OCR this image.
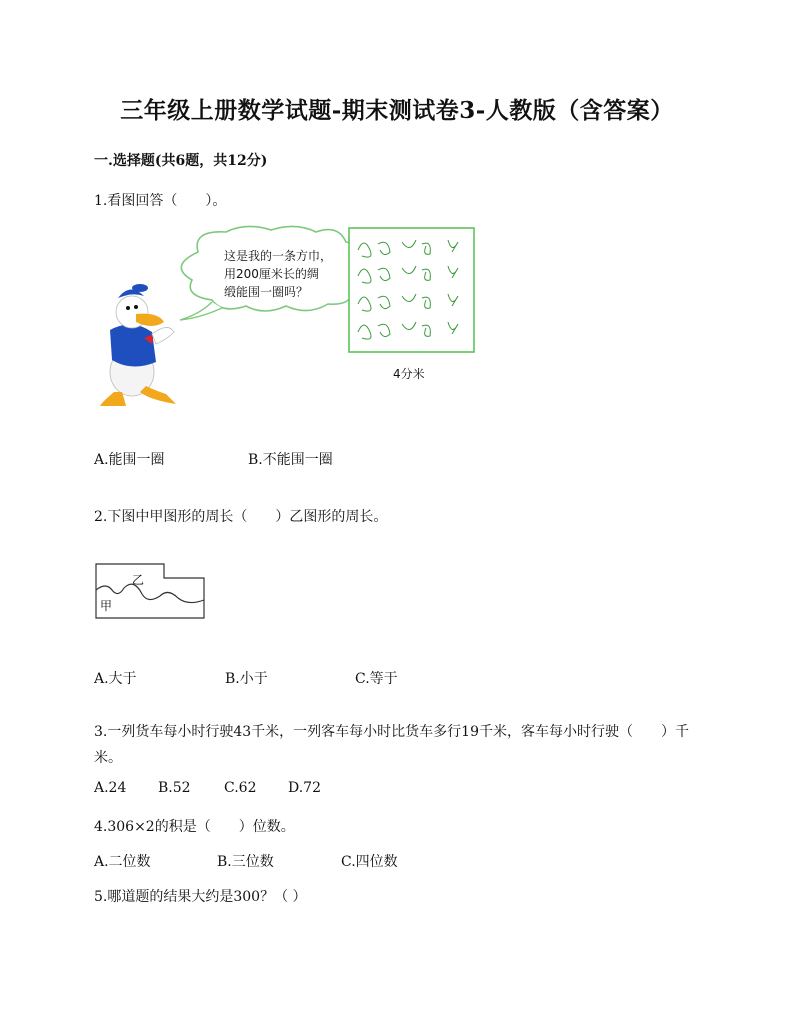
三年级上册数学试题-期末测试卷3-人教版（含答案）
一.选择题(共6题，共12分)
1.看图回答（　　）。
这是我的一条方巾，
用200厘米长的绸
缎能围一圈吗？
4分米
A.能围一圈	B.不能围一圈
2.下图中甲图形的周长（　　）乙图形的周长。
乙
甲
A.大于	B.小于	C.等于
3.一列货车每小时行驶43千米，一列客车每小时比货车多行19千米，客车每小时行驶（　　）千米。
A.24 B.52 C.62 D.72
4.306×2的积是（　　）位数。
A.二位数	B.三位数	C.四位数
5.哪道题的结果大约是300？（ ）
